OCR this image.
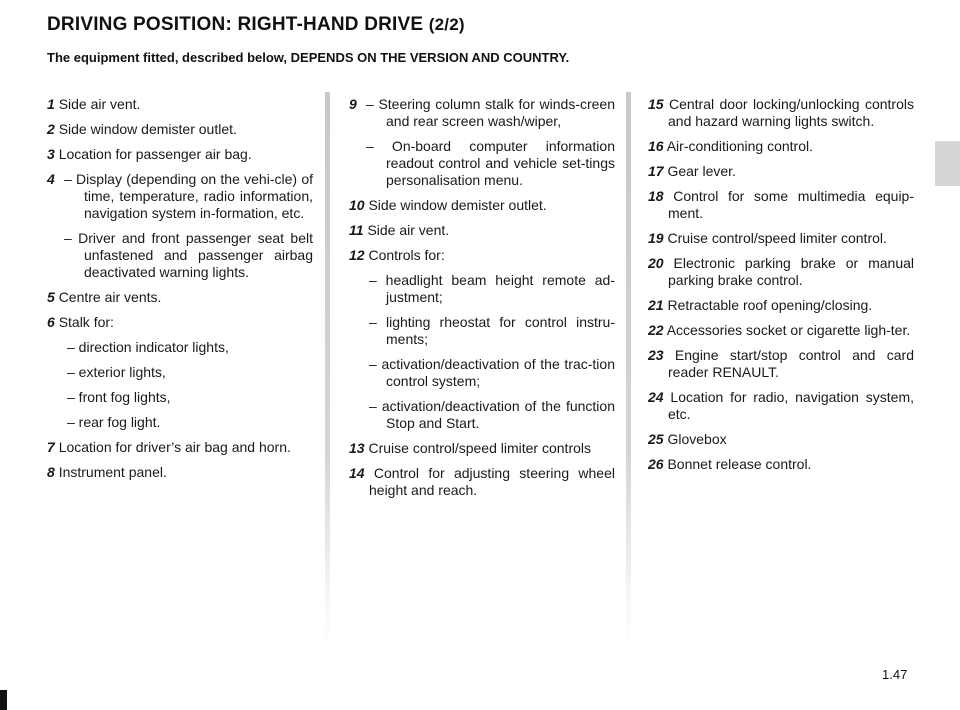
DRIVING POSITION: RIGHT-HAND DRIVE (2/2)
The equipment fitted, described below, DEPENDS ON THE VERSION AND COUNTRY.

1 Side air vent.

2 Side window demister outlet.

3 Location for passenger air bag.

4 – Display (depending on the vehi-cle) of time, temperature, radio information, navigation system in-formation, etc.

– Driver and front passenger seat belt unfastened and passenger airbag deactivated warning lights.

5 Centre air vents.

6 Stalk for:

– direction indicator lights,

– exterior lights,

– front fog lights,

– rear fog light.

7 Location for driver’s air bag and horn.

8 Instrument panel.

9 – Steering column stalk for winds-creen and rear screen wash/wiper,

– On-board computer information readout control and vehicle set-tings personalisation menu.

10 Side window demister outlet.

11 Side air vent.

12 Controls for:

– headlight beam height remote ad-justment;

– lighting rheostat for control instru-ments;

– activation/deactivation of the trac-tion control system;

– activation/deactivation of the function Stop and Start.

13 Cruise control/speed limiter controls

14 Control for adjusting steering wheel height and reach.

15 Central door locking/unlocking controls and hazard warning lights switch.

16 Air-conditioning control.

17 Gear lever.

18 Control for some multimedia equip-ment.

19 Cruise control/speed limiter control.

20 Electronic parking brake or manual parking brake control.

21 Retractable roof opening/closing.

22 Accessories socket or cigarette ligh-ter.

23 Engine start/stop control and card reader RENAULT.

24 Location for radio, navigation system, etc.

25 Glovebox

26 Bonnet release control.

1.47
